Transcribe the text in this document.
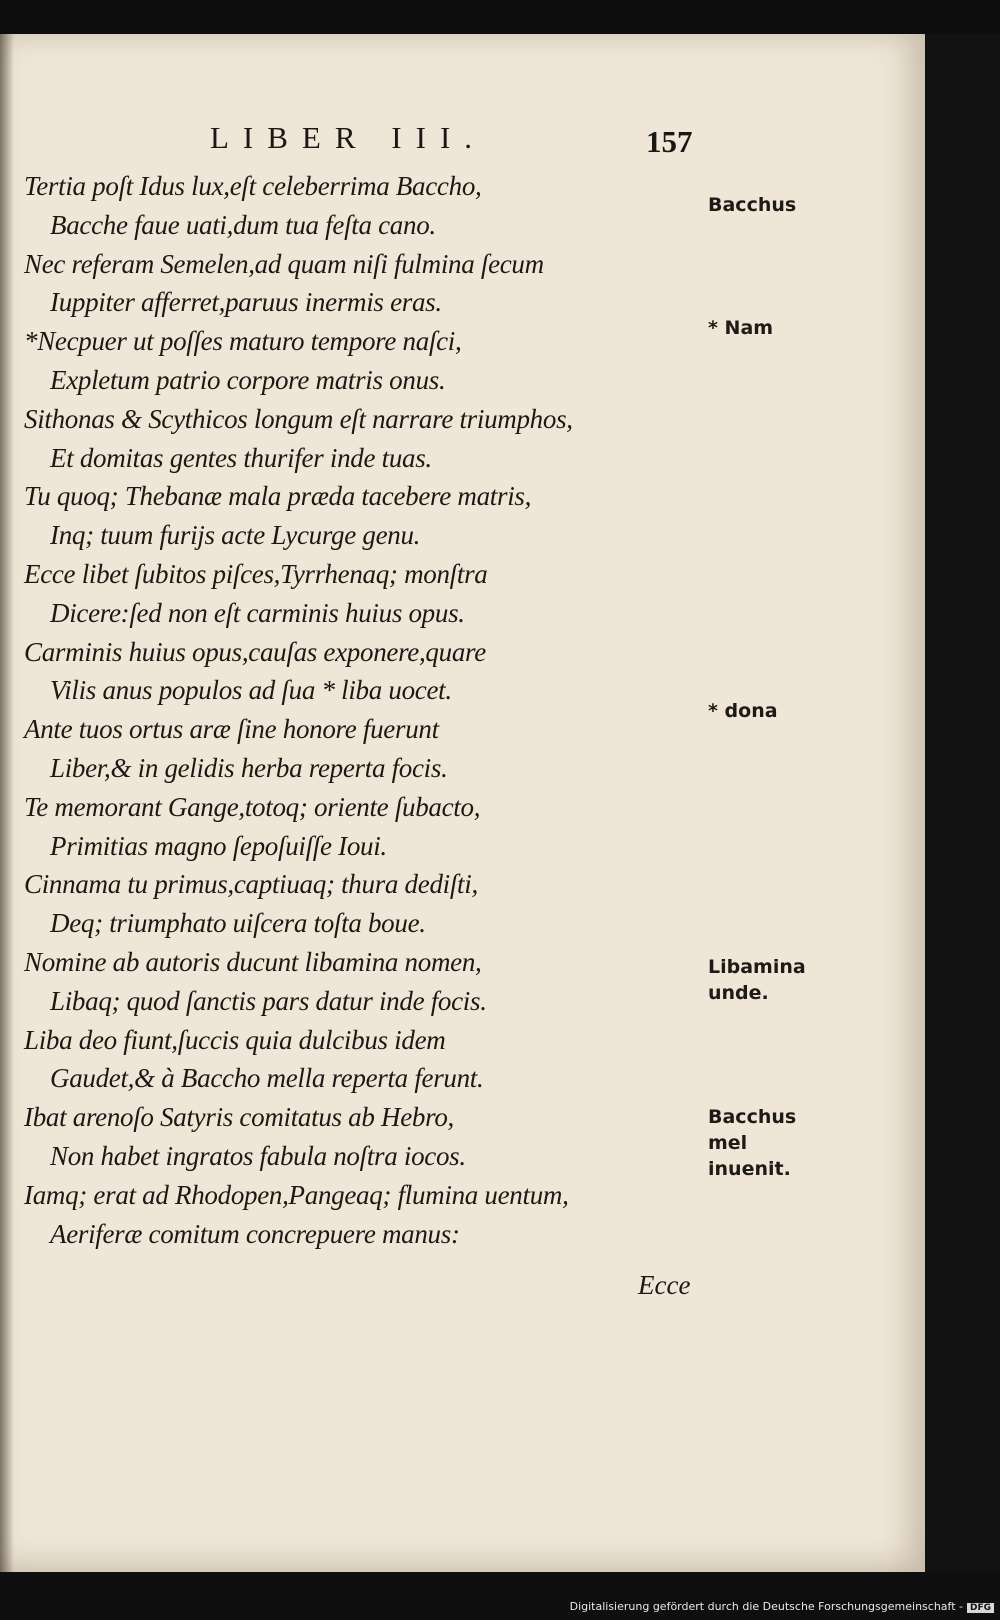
LIBER III.	157
Tertia poſt Idus lux,eſt celeberrima Baccho,
Bacche faue uati,dum tua feſta cano.
Nec referam Semelen,ad quam niſi fulmina ſecum
Iuppiter afferret,paruus inermis eras.
*Necpuer ut poſſes maturo tempore naſci,
Expletum patrio corpore matris onus.
Sithonas & Scythicos longum eſt narrare triumphos,
Et domitas gentes thurifer inde tuas.
Tu quoq; Thebanæ mala præda tacebere matris,
Inq; tuum furijs acte Lycurge genu.
Ecce libet ſubitos piſces,Tyrrhenaq; monſtra
Dicere:ſed non eſt carminis huius opus.
Carminis huius opus,cauſas exponere,quare
Vilis anus populos ad ſua * liba uocet.
Ante tuos ortus aræ ſine honore fuerunt
Liber,& in gelidis herba reperta focis.
Te memorant Gange,totoq; oriente ſubacto,
Primitias magno ſepoſuiſſe Ioui.
Cinnama tu primus,captiuaq; thura dediſti,
Deq; triumphato uiſcera toſta boue.
Nomine ab autoris ducunt libamina nomen,
Libaq; quod ſanctis pars datur inde focis.
Liba deo fiunt,ſuccis quia dulcibus idem
Gaudet,& à Baccho mella reperta ferunt.
Ibat arenoſo Satyris comitatus ab Hebro,
Non habet ingratos fabula noſtra iocos.
Iamq; erat ad Rhodopen,Pangeaq; flumina uentum,
Aeriferæ comitum concrepuere manus:
Bacchus
* Nam
* dona
Libamina unde.
Bacchus mel inuenit.
Ecce
Digitalisierung gefördert durch die Deutsche Forschungsgemeinschaft - DFG
